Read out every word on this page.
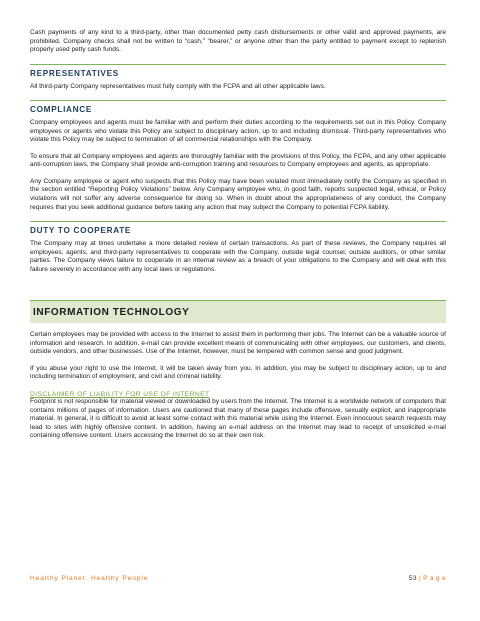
Cash payments of any kind to a third-party, other than documented petty cash disbursements or other valid and approved payments, are prohibited. Company checks shall not be written to “cash,” “bearer,” or anyone other than the party entitled to payment except to replenish properly used petty cash funds.

REPRESENTATIVES

All third-party Company representatives must fully comply with the FCPA and all other applicable laws.

COMPLIANCE

Company employees and agents must be familiar with and perform their duties according to the requirements set out in this Policy. Company employees or agents who violate this Policy are subject to disciplinary action, up to and including dismissal. Third-party representatives who violate this Policy may be subject to termination of all commercial relationships with the Company.

To ensure that all Company employees and agents are thoroughly familiar with the provisions of this Policy, the FCPA, and any other applicable anti-corruption laws, the Company shall provide anti-corruption training and resources to Company employees and agents, as appropriate.

Any Company employee or agent who suspects that this Policy may have been violated must immediately notify the Company as specified in the section entitled “Reporting Policy Violations” below. Any Company employee who, in good faith, reports suspected legal, ethical, or Policy violations will not suffer any adverse consequence for doing so. When in doubt about the appropriateness of any conduct, the Company requires that you seek additional guidance before taking any action that may subject the Company to potential FCPA liability.

DUTY TO COOPERATE

The Company may at times undertake a more detailed review of certain transactions. As part of these reviews, the Company requires all employees, agents, and third-party representatives to cooperate with the Company, outside legal counsel, outside auditors, or other similar parties. The Company views failure to cooperate in an internal review as a breach of your obligations to the Company and will deal with this failure severely in accordance with any local laws or regulations.

INFORMATION TECHNOLOGY

Certain employees may be provided with access to the Internet to assist them in performing their jobs. The Internet can be a valuable source of information and research. In addition, e-mail can provide excellent means of communicating with other employees, our customers, and clients, outside vendors, and other businesses. Use of the Internet, however, must be tempered with common sense and good judgment.

If you abuse your right to use the Internet, it will be taken away from you. In addition, you may be subject to disciplinary action, up to and including termination of employment, and civil and criminal liability.

DISCLAIMER OF LIABILITY FOR USE OF INTERNET

Footprint is not responsible for material viewed or downloaded by users from the Internet. The Internet is a worldwide network of computers that contains millions of pages of information. Users are cautioned that many of these pages include offensive, sexually explicit, and inappropriate material. In general, it is difficult to avoid at least some contact with this material while using the Internet. Even innocuous search requests may lead to sites with highly offensive content. In addition, having an e-mail address on the Internet may lead to receipt of unsolicited e-mail containing offensive content. Users accessing the Internet do so at their own risk.

Healthy Planet. Healthy People	53 | P a g e
